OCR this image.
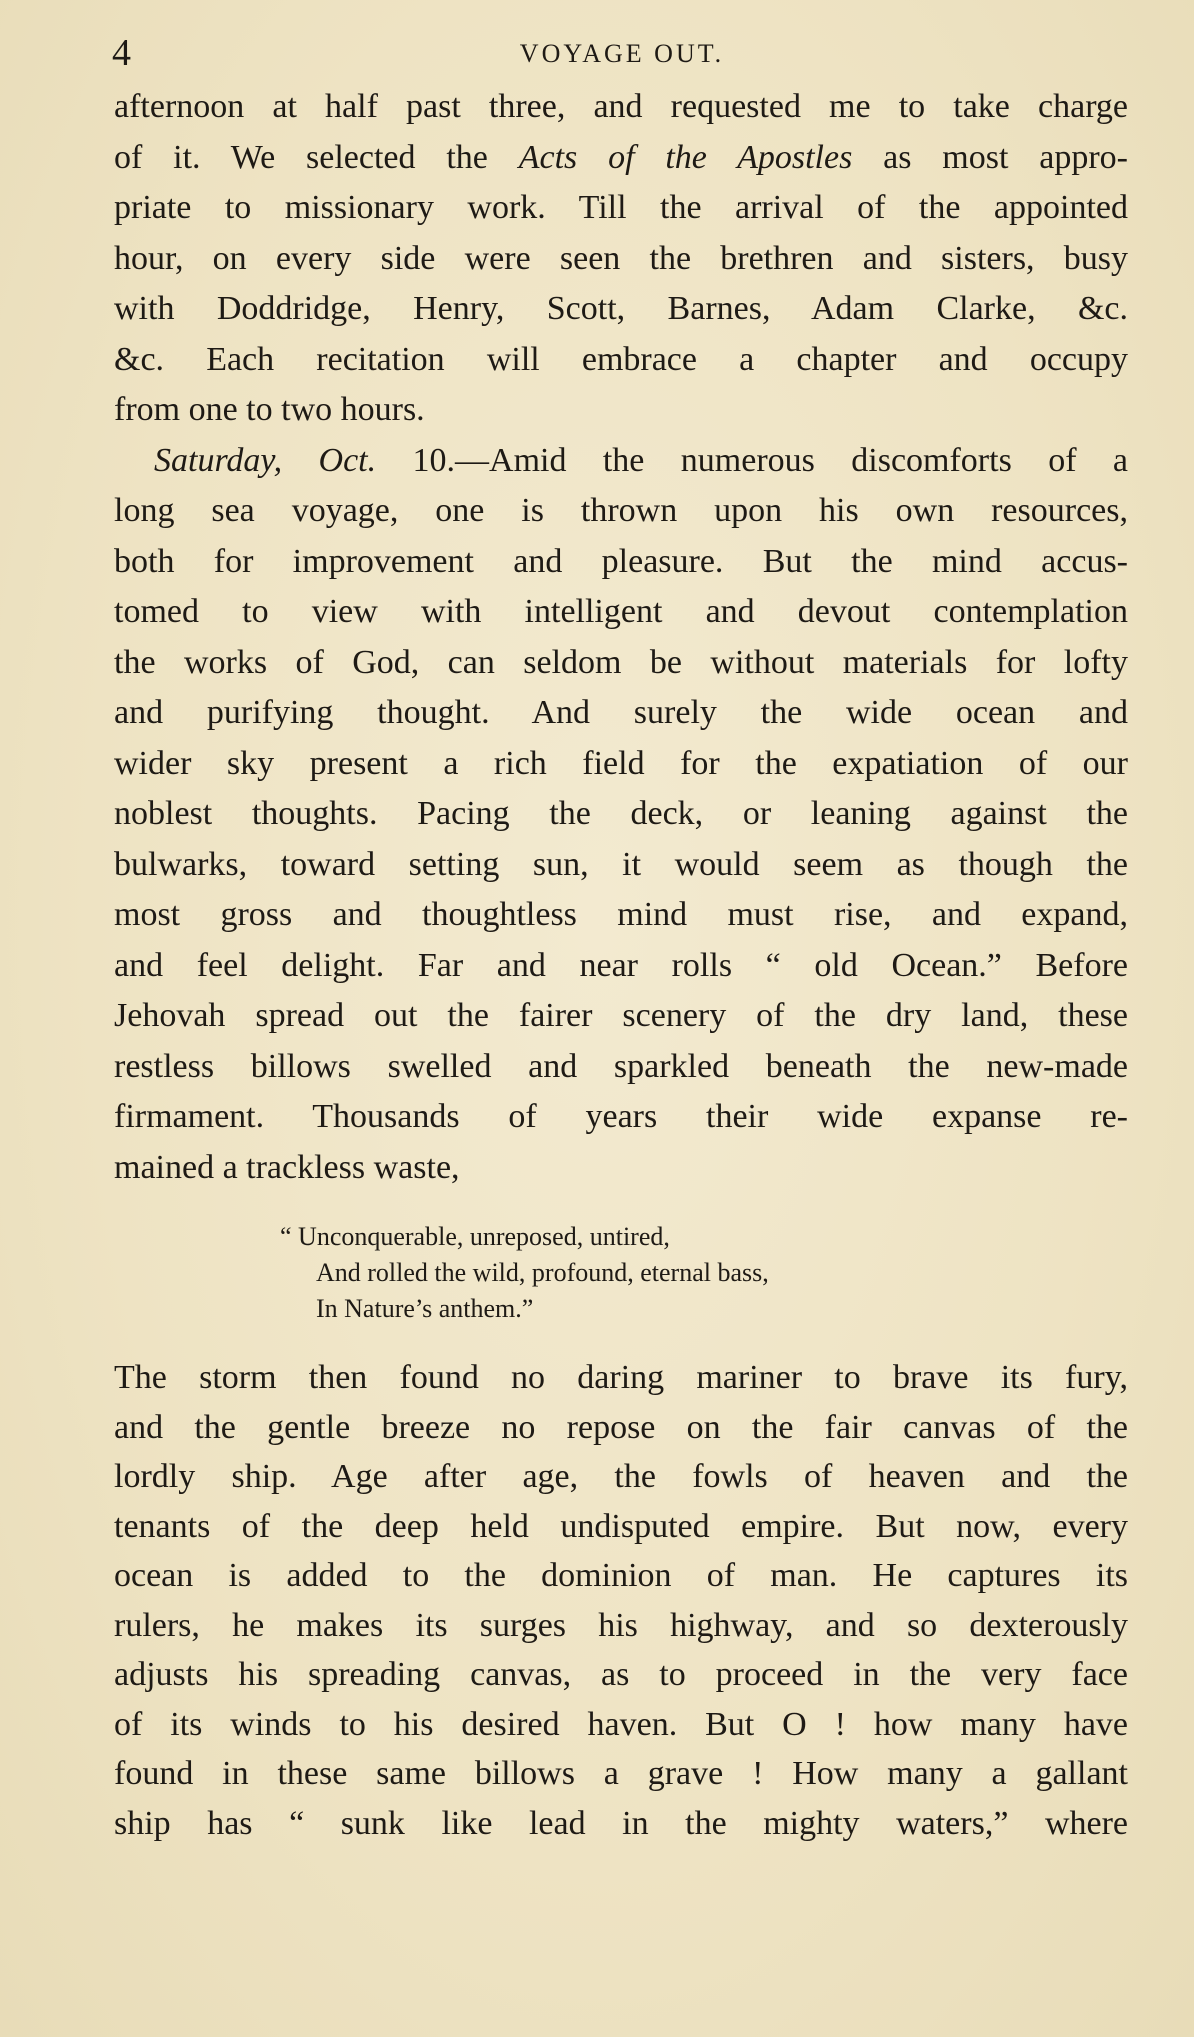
4	VOYAGE OUT.

afternoon at half past three, and requested me to take charge
of it. We selected the Acts of the Apostles as most appro-
priate to missionary work. Till the arrival of the appointed
hour, on every side were seen the brethren and sisters, busy
with Doddridge, Henry, Scott, Barnes, Adam Clarke, &c.
&c. Each recitation will embrace a chapter and occupy
from one to two hours.

Saturday, Oct. 10.—Amid the numerous discomforts of a
long sea voyage, one is thrown upon his own resources,
both for improvement and pleasure. But the mind accus-
tomed to view with intelligent and devout contemplation
the works of God, can seldom be without materials for lofty
and purifying thought. And surely the wide ocean and
wider sky present a rich field for the expatiation of our
noblest thoughts. Pacing the deck, or leaning against the
bulwarks, toward setting sun, it would seem as though the
most gross and thoughtless mind must rise, and expand,
and feel delight. Far and near rolls “ old Ocean.” Before
Jehovah spread out the fairer scenery of the dry land, these
restless billows swelled and sparkled beneath the new-made
firmament. Thousands of years their wide expanse re-
mained a trackless waste,

“ Unconquerable, unreposed, untired,
And rolled the wild, profound, eternal bass,
In Nature’s anthem.”

The storm then found no daring mariner to brave its fury,
and the gentle breeze no repose on the fair canvas of the
lordly ship. Age after age, the fowls of heaven and the
tenants of the deep held undisputed empire. But now, every
ocean is added to the dominion of man. He captures its
rulers, he makes its surges his highway, and so dexterously
adjusts his spreading canvas, as to proceed in the very face
of its winds to his desired haven. But O ! how many have
found in these same billows a grave ! How many a gallant
ship has “ sunk like lead in the mighty waters,” where
